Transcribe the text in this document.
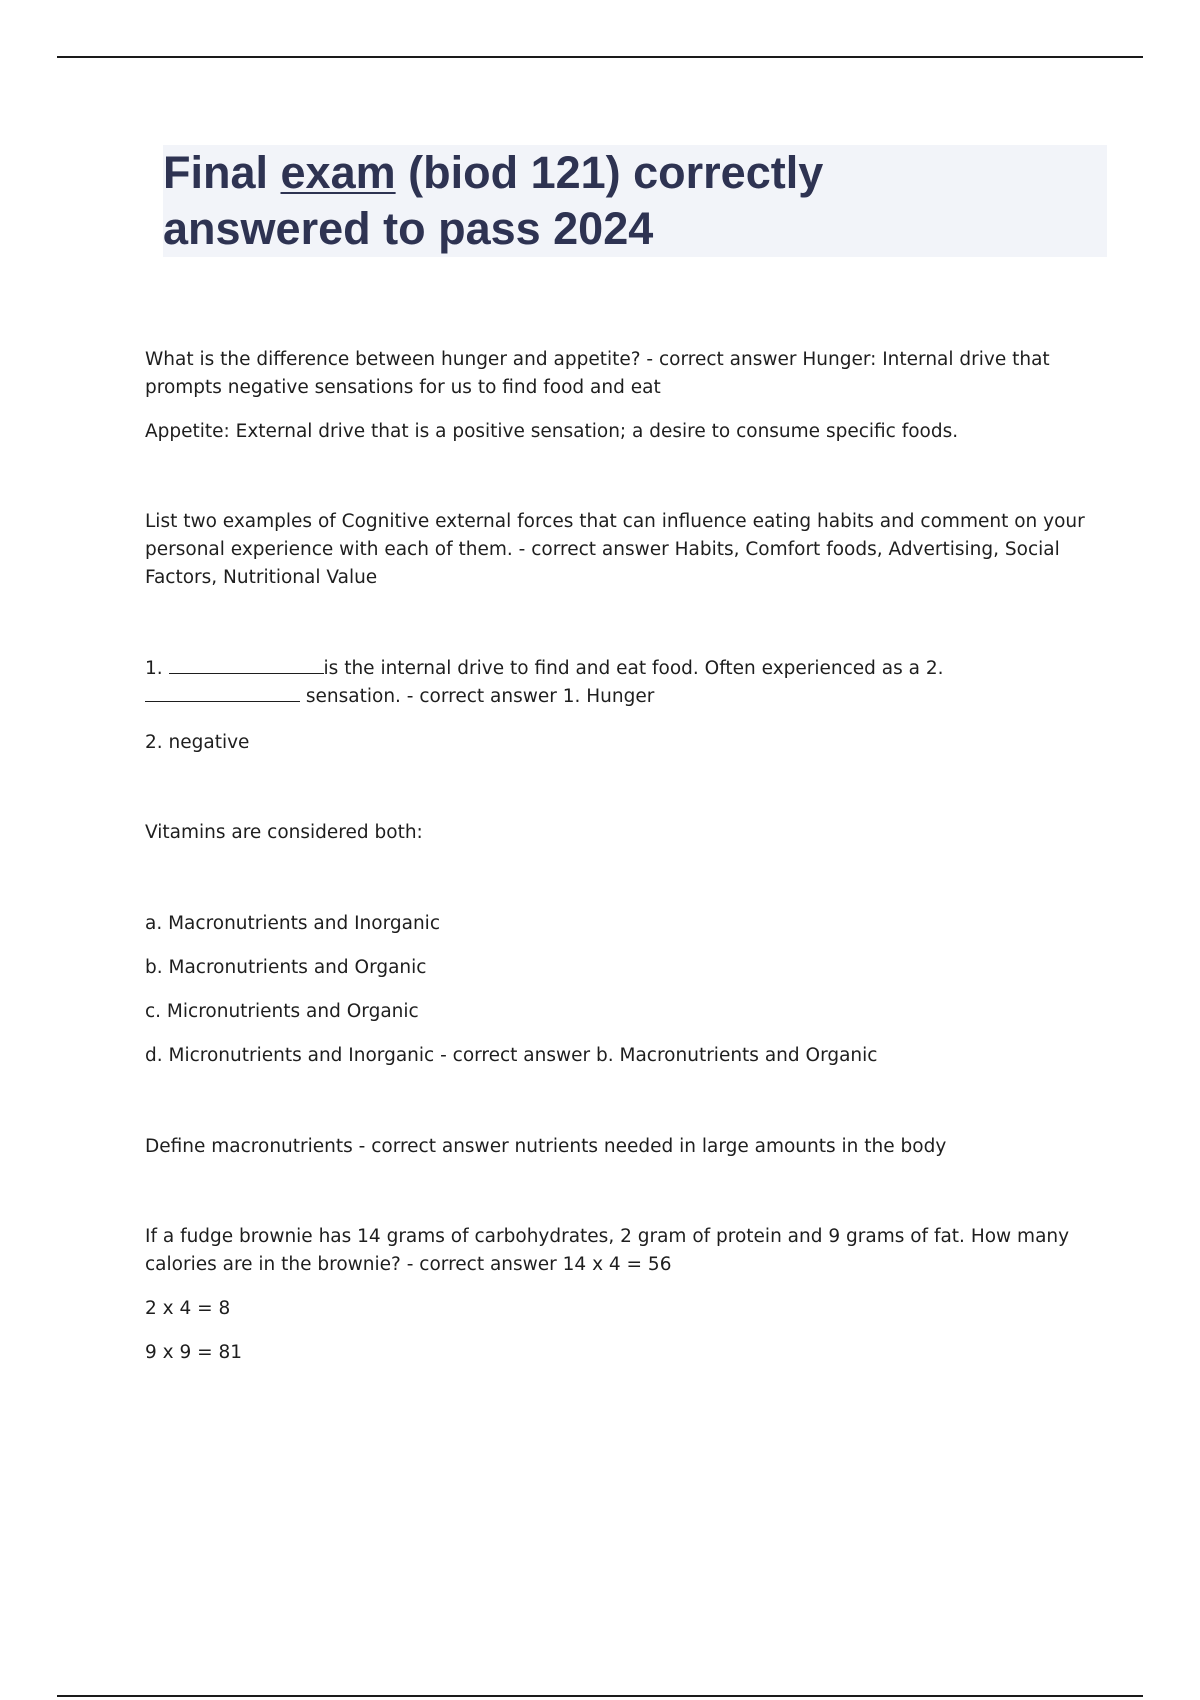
Final exam (biod 121) correctly
answered to pass 2024

What is the difference between hunger and appetite? - correct answer Hunger: Internal drive that prompts negative sensations for us to find food and eat

Appetite: External drive that is a positive sensation; a desire to consume specific foods.

List two examples of Cognitive external forces that can influence eating habits and comment on your personal experience with each of them. - correct answer Habits, Comfort foods, Advertising, Social Factors, Nutritional Value

1.	is the internal drive to find and eat food. Often experienced as a 2.  sensation. - correct answer 1. Hunger

2. negative

Vitamins are considered both:

a. Macronutrients and Inorganic

b. Macronutrients and Organic

c. Micronutrients and Organic

d. Micronutrients and Inorganic - correct answer b. Macronutrients and Organic

Define macronutrients - correct answer nutrients needed in large amounts in the body

If a fudge brownie has 14 grams of carbohydrates, 2 gram of protein and 9 grams of fat. How many calories are in the brownie? - correct answer 14 x 4 = 56

2 x 4 = 8

9 x 9 = 81
